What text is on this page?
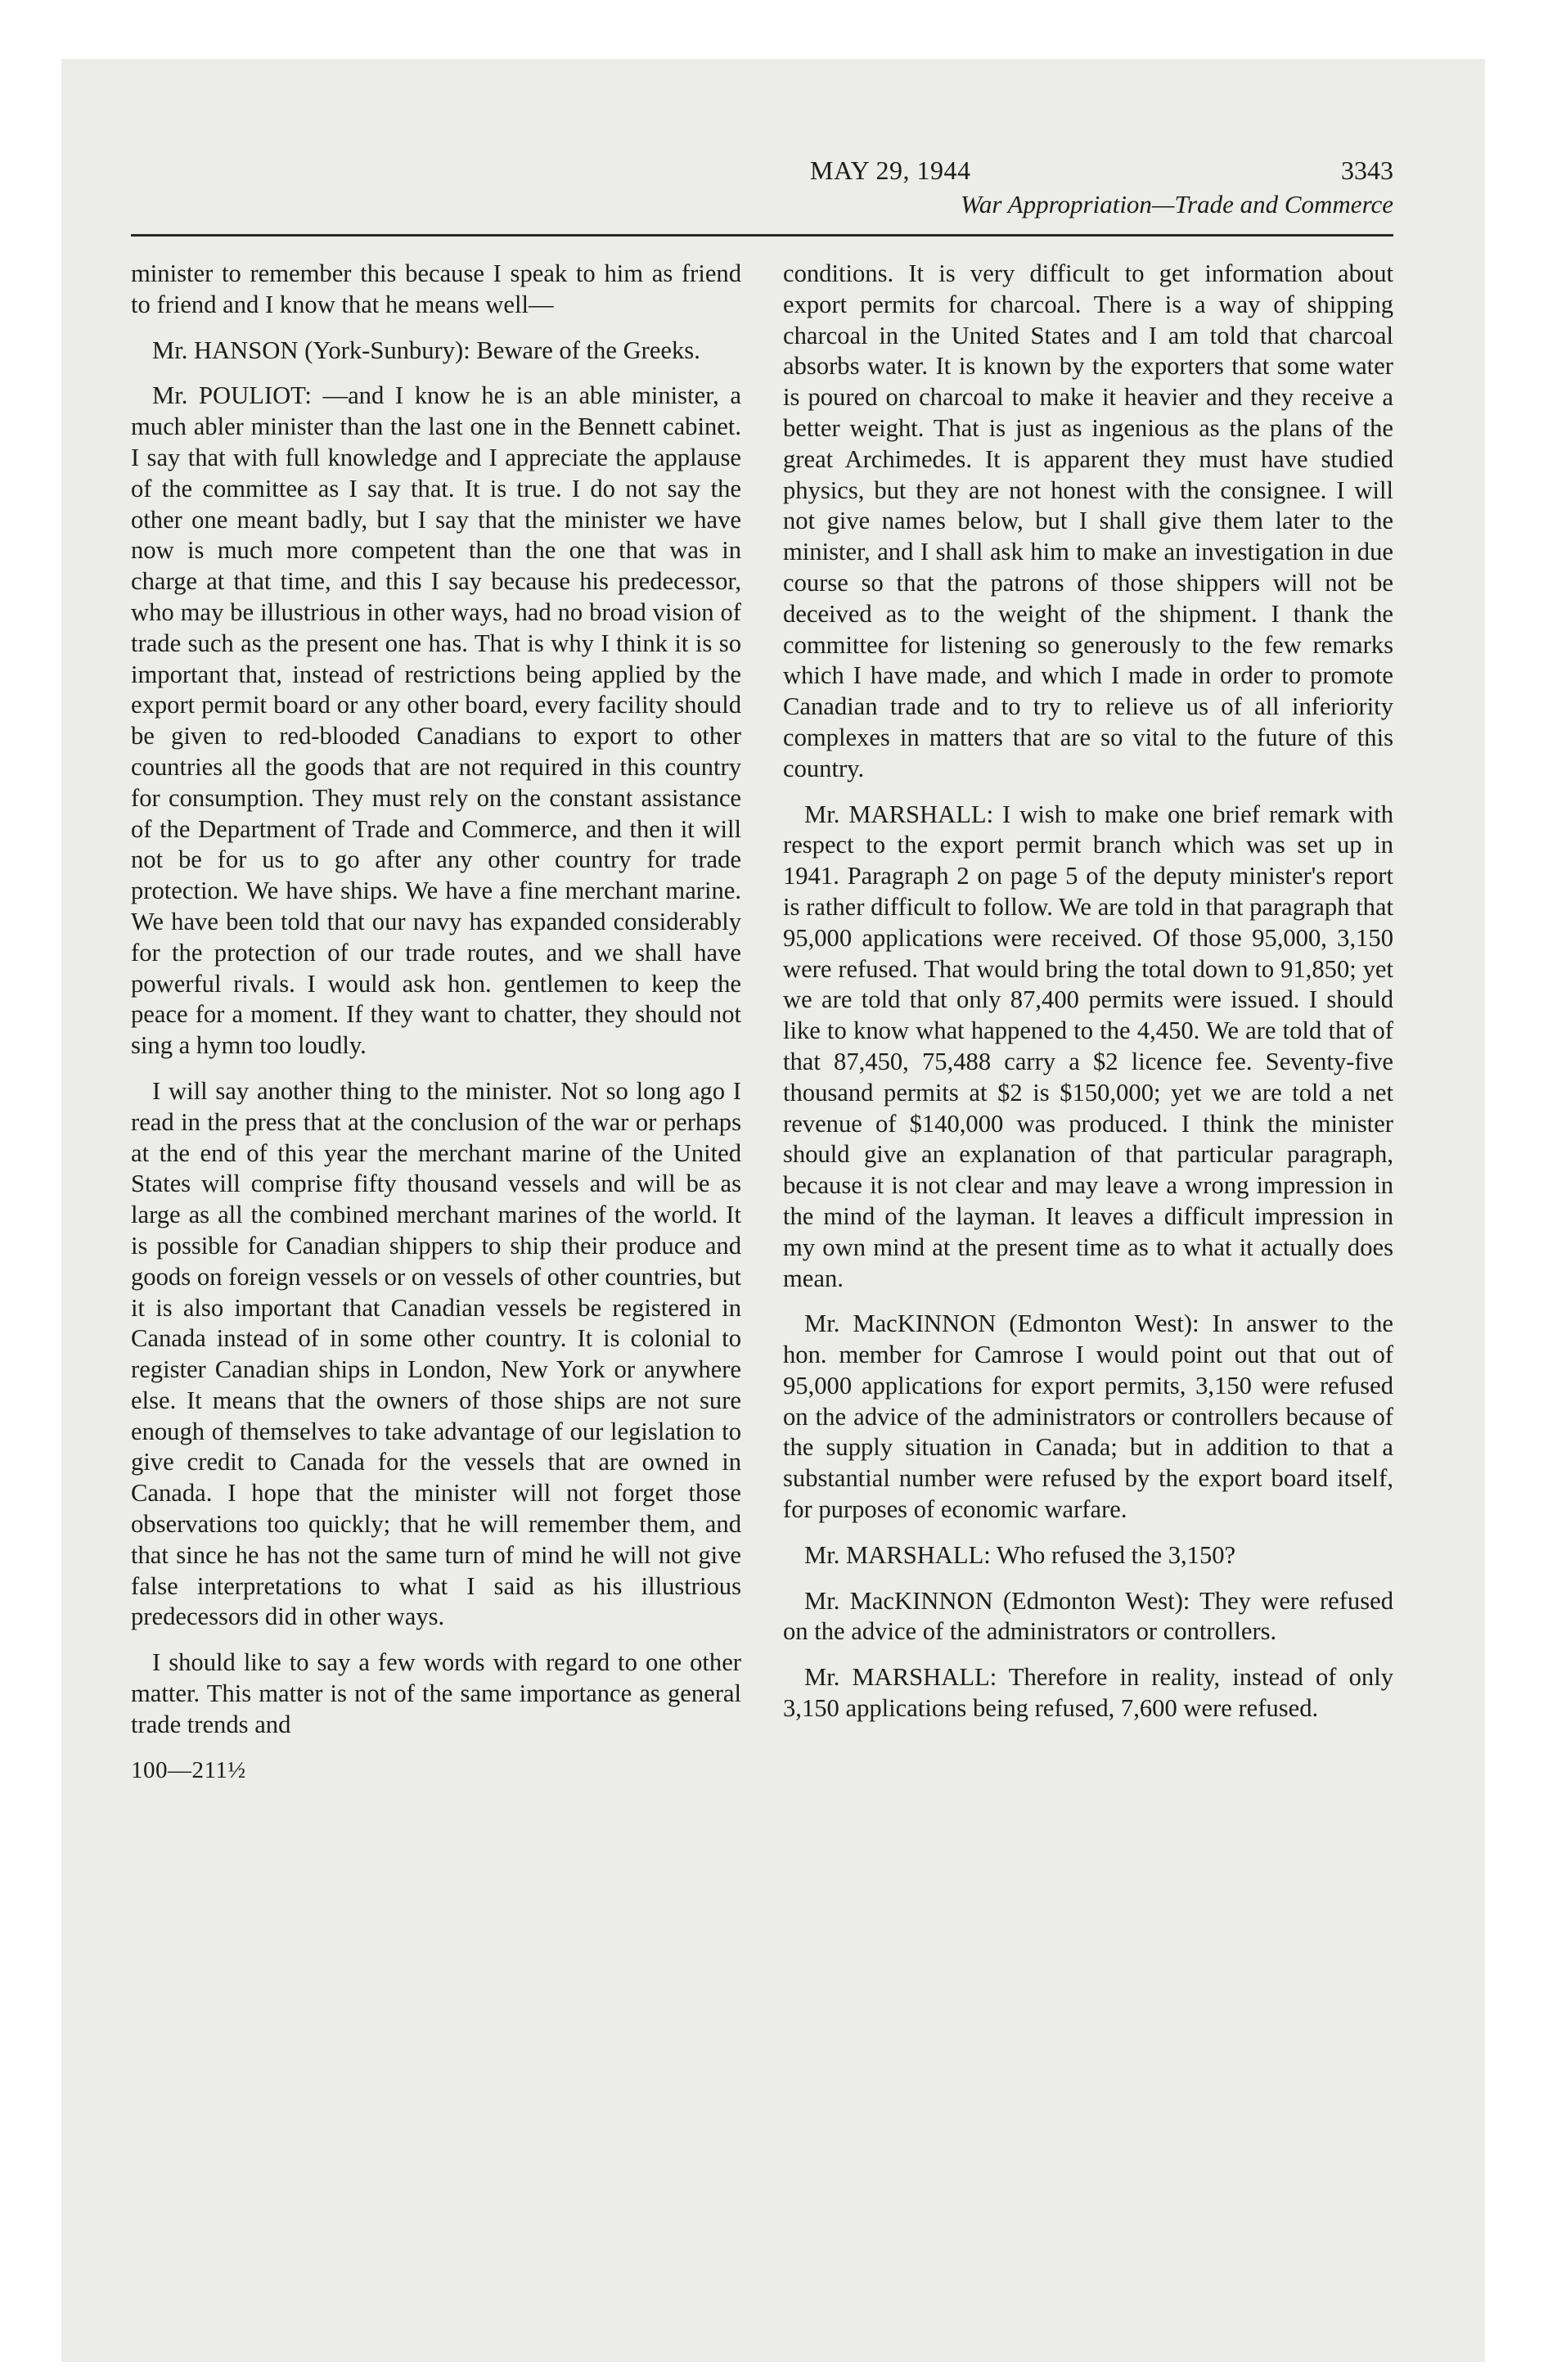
MAY 29, 1944	3343
War Appropriation—Trade and Commerce

minister to remember this because I speak to him as friend to friend and I know that he means well—

Mr. HANSON (York-Sunbury): Beware of the Greeks.

Mr. POULIOT: —and I know he is an able minister, a much abler minister than the last one in the Bennett cabinet. I say that with full knowledge and I appreciate the applause of the committee as I say that. It is true. I do not say the other one meant badly, but I say that the minister we have now is much more competent than the one that was in charge at that time, and this I say because his predecessor, who may be illustrious in other ways, had no broad vision of trade such as the present one has. That is why I think it is so important that, instead of restrictions being applied by the export permit board or any other board, every facility should be given to red-blooded Canadians to export to other countries all the goods that are not required in this country for consumption. They must rely on the constant assistance of the Department of Trade and Commerce, and then it will not be for us to go after any other country for trade protection. We have ships. We have a fine merchant marine. We have been told that our navy has expanded considerably for the protection of our trade routes, and we shall have powerful rivals. I would ask hon. gentlemen to keep the peace for a moment. If they want to chatter, they should not sing a hymn too loudly.

I will say another thing to the minister. Not so long ago I read in the press that at the conclusion of the war or perhaps at the end of this year the merchant marine of the United States will comprise fifty thousand vessels and will be as large as all the combined merchant marines of the world. It is possible for Canadian shippers to ship their produce and goods on foreign vessels or on vessels of other countries, but it is also important that Canadian vessels be registered in Canada instead of in some other country. It is colonial to register Canadian ships in London, New York or anywhere else. It means that the owners of those ships are not sure enough of themselves to take advantage of our legislation to give credit to Canada for the vessels that are owned in Canada. I hope that the minister will not forget those observations too quickly; that he will remember them, and that since he has not the same turn of mind he will not give false interpretations to what I said as his illustrious predecessors did in other ways.

I should like to say a few words with regard to one other matter. This matter is not of the same importance as general trade trends and

100—211½

conditions. It is very difficult to get information about export permits for charcoal. There is a way of shipping charcoal in the United States and I am told that charcoal absorbs water. It is known by the exporters that some water is poured on charcoal to make it heavier and they receive a better weight. That is just as ingenious as the plans of the great Archimedes. It is apparent they must have studied physics, but they are not honest with the consignee. I will not give names below, but I shall give them later to the minister, and I shall ask him to make an investigation in due course so that the patrons of those shippers will not be deceived as to the weight of the shipment. I thank the committee for listening so generously to the few remarks which I have made, and which I made in order to promote Canadian trade and to try to relieve us of all inferiority complexes in matters that are so vital to the future of this country.

Mr. MARSHALL: I wish to make one brief remark with respect to the export permit branch which was set up in 1941. Paragraph 2 on page 5 of the deputy minister's report is rather difficult to follow. We are told in that paragraph that 95,000 applications were received. Of those 95,000, 3,150 were refused. That would bring the total down to 91,850; yet we are told that only 87,400 permits were issued. I should like to know what happened to the 4,450. We are told that of that 87,450, 75,488 carry a $2 licence fee. Seventy-five thousand permits at $2 is $150,000; yet we are told a net revenue of $140,000 was produced. I think the minister should give an explanation of that particular paragraph, because it is not clear and may leave a wrong impression in the mind of the layman. It leaves a difficult impression in my own mind at the present time as to what it actually does mean.

Mr. MacKINNON (Edmonton West): In answer to the hon. member for Camrose I would point out that out of 95,000 applications for export permits, 3,150 were refused on the advice of the administrators or controllers because of the supply situation in Canada; but in addition to that a substantial number were refused by the export board itself, for purposes of economic warfare.

Mr. MARSHALL: Who refused the 3,150?

Mr. MacKINNON (Edmonton West): They were refused on the advice of the administrators or controllers.

Mr. MARSHALL: Therefore in reality, instead of only 3,150 applications being refused, 7,600 were refused.
